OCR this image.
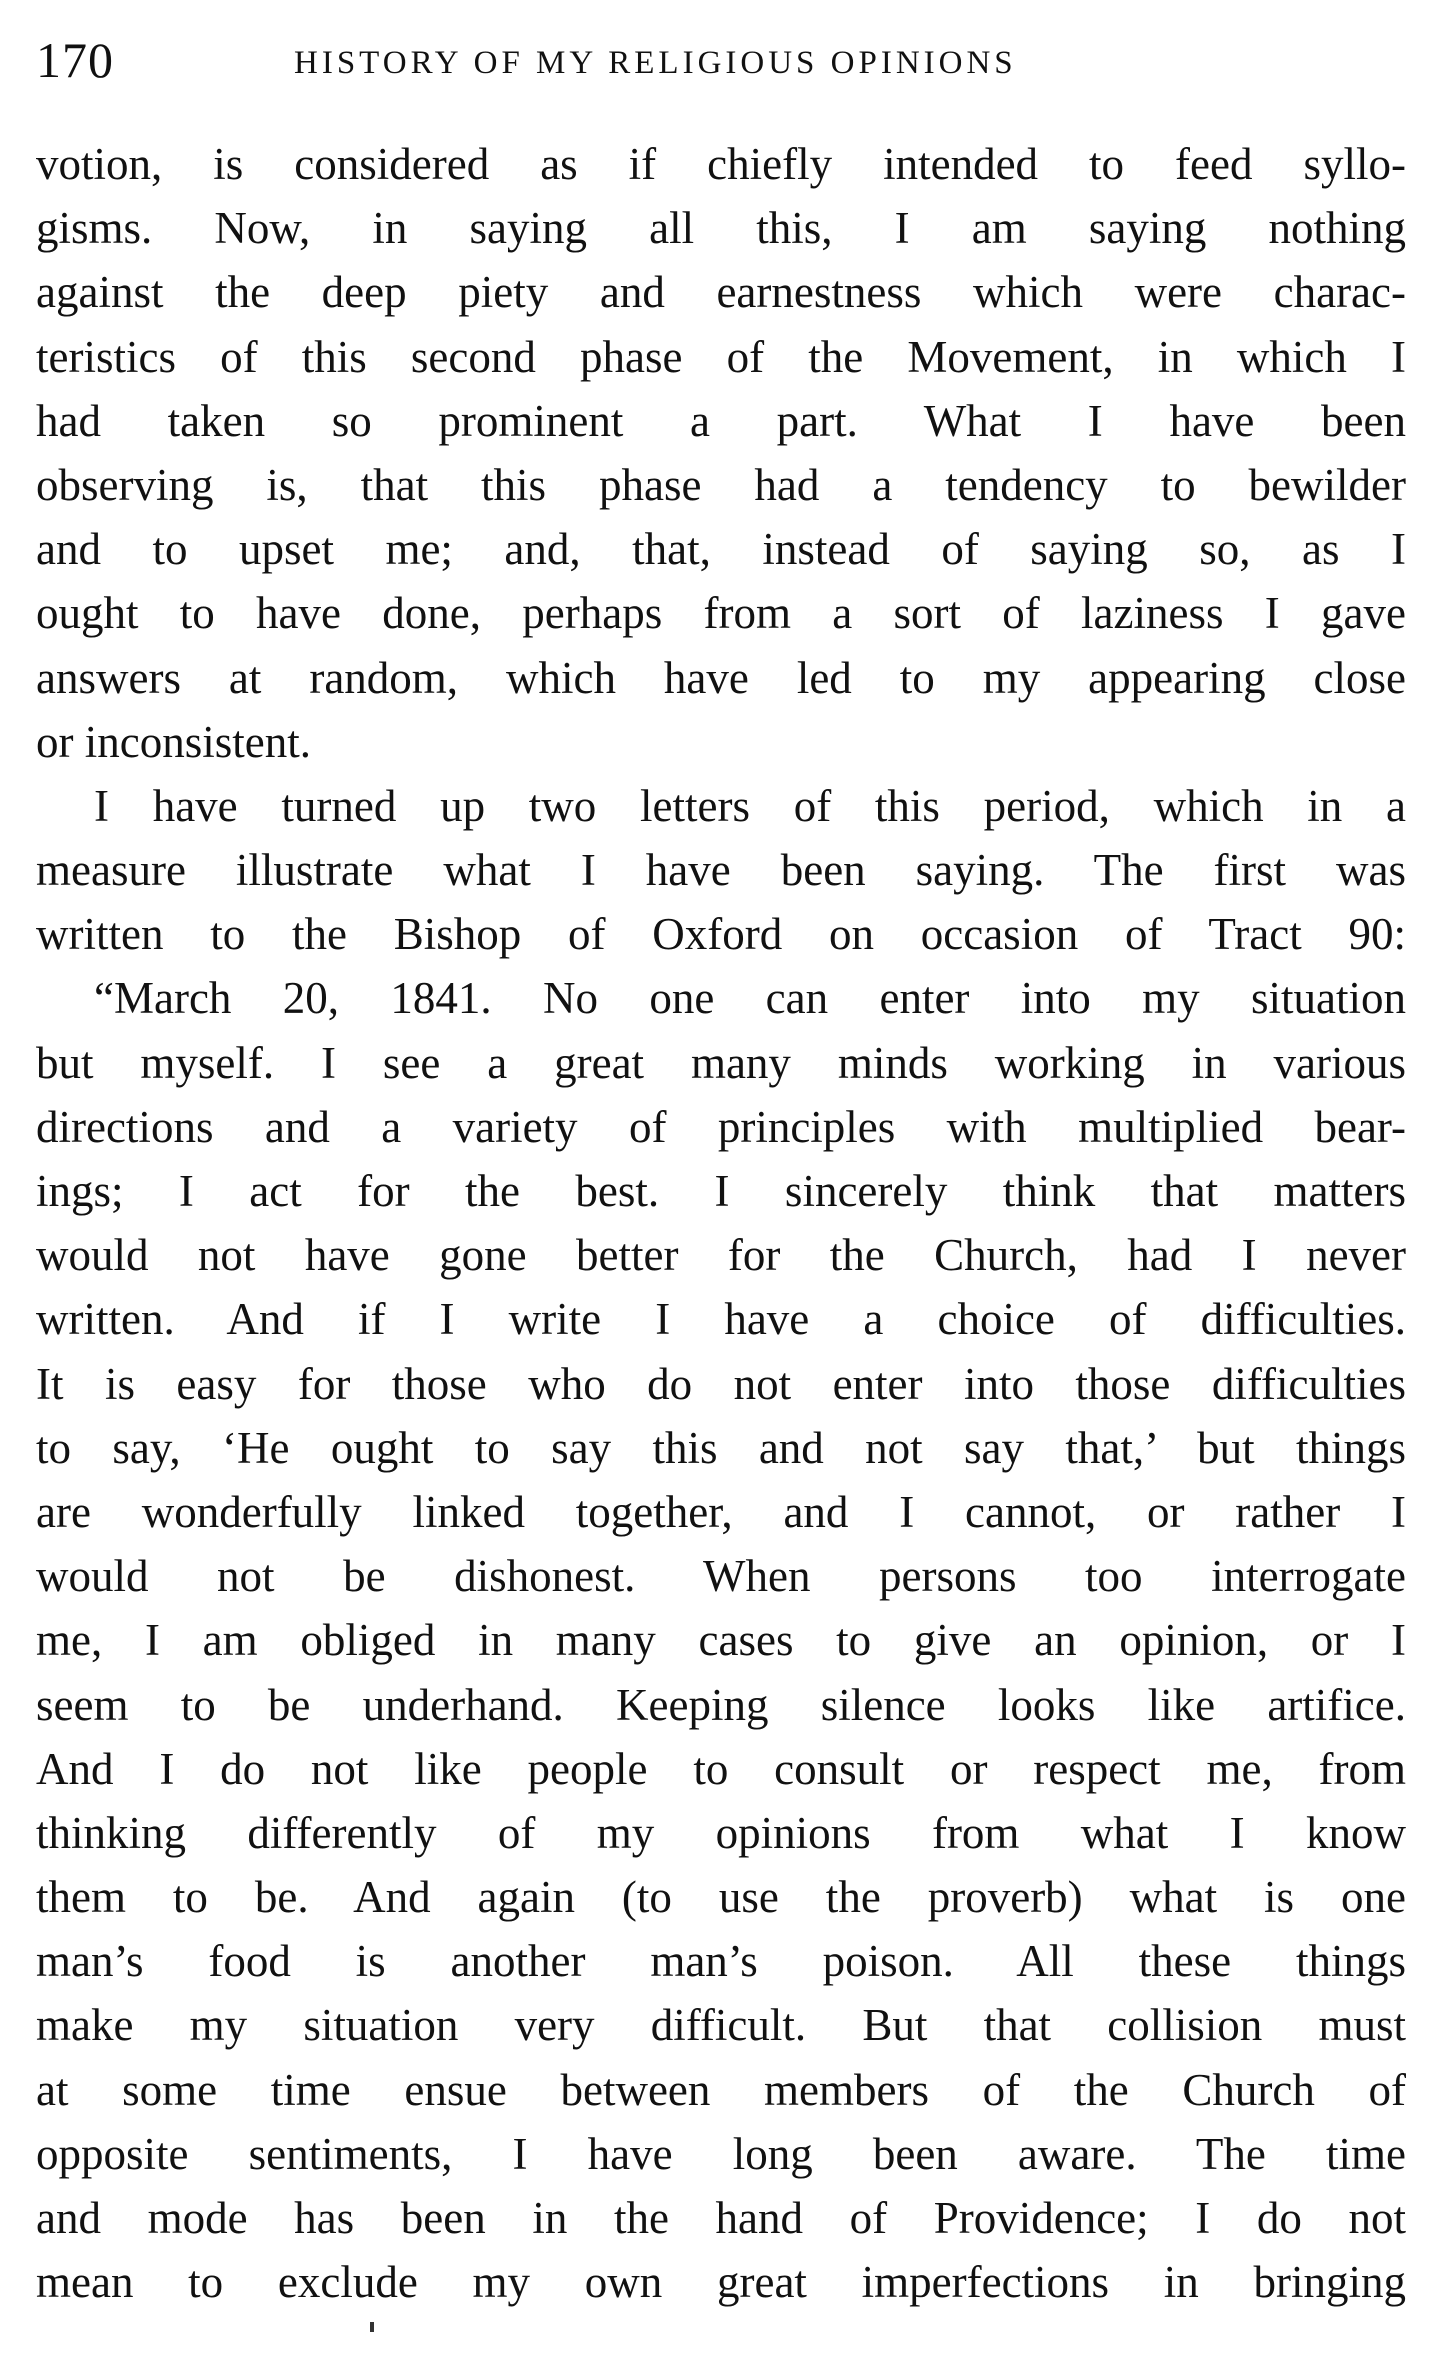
170	HISTORY OF MY RELIGIOUS OPINIONS
votion, is considered as if chiefly intended to feed syllo-
gisms. Now, in saying all this, I am saying nothing
against the deep piety and earnestness which were charac-
teristics of this second phase of the Movement, in which I
had taken so prominent a part. What I have been
observing is, that this phase had a tendency to bewilder
and to upset me; and, that, instead of saying so, as I
ought to have done, perhaps from a sort of laziness I gave
answers at random, which have led to my appearing close
or inconsistent.
I have turned up two letters of this period, which in a
measure illustrate what I have been saying. The first was
written to the Bishop of Oxford on occasion of Tract 90:
“March 20, 1841. No one can enter into my situation
but myself. I see a great many minds working in various
directions and a variety of principles with multiplied bear-
ings; I act for the best. I sincerely think that matters
would not have gone better for the Church, had I never
written. And if I write I have a choice of difficulties.
It is easy for those who do not enter into those difficulties
to say, ‘He ought to say this and not say that,’ but things
are wonderfully linked together, and I cannot, or rather I
would not be dishonest. When persons too interrogate
me, I am obliged in many cases to give an opinion, or I
seem to be underhand. Keeping silence looks like artifice.
And I do not like people to consult or respect me, from
thinking differently of my opinions from what I know
them to be. And again (to use the proverb) what is one
man’s food is another man’s poison. All these things
make my situation very difficult. But that collision must
at some time ensue between members of the Church of
opposite sentiments, I have long been aware. The time
and mode has been in the hand of Providence; I do not
mean to exclude my own great imperfections in bringing
